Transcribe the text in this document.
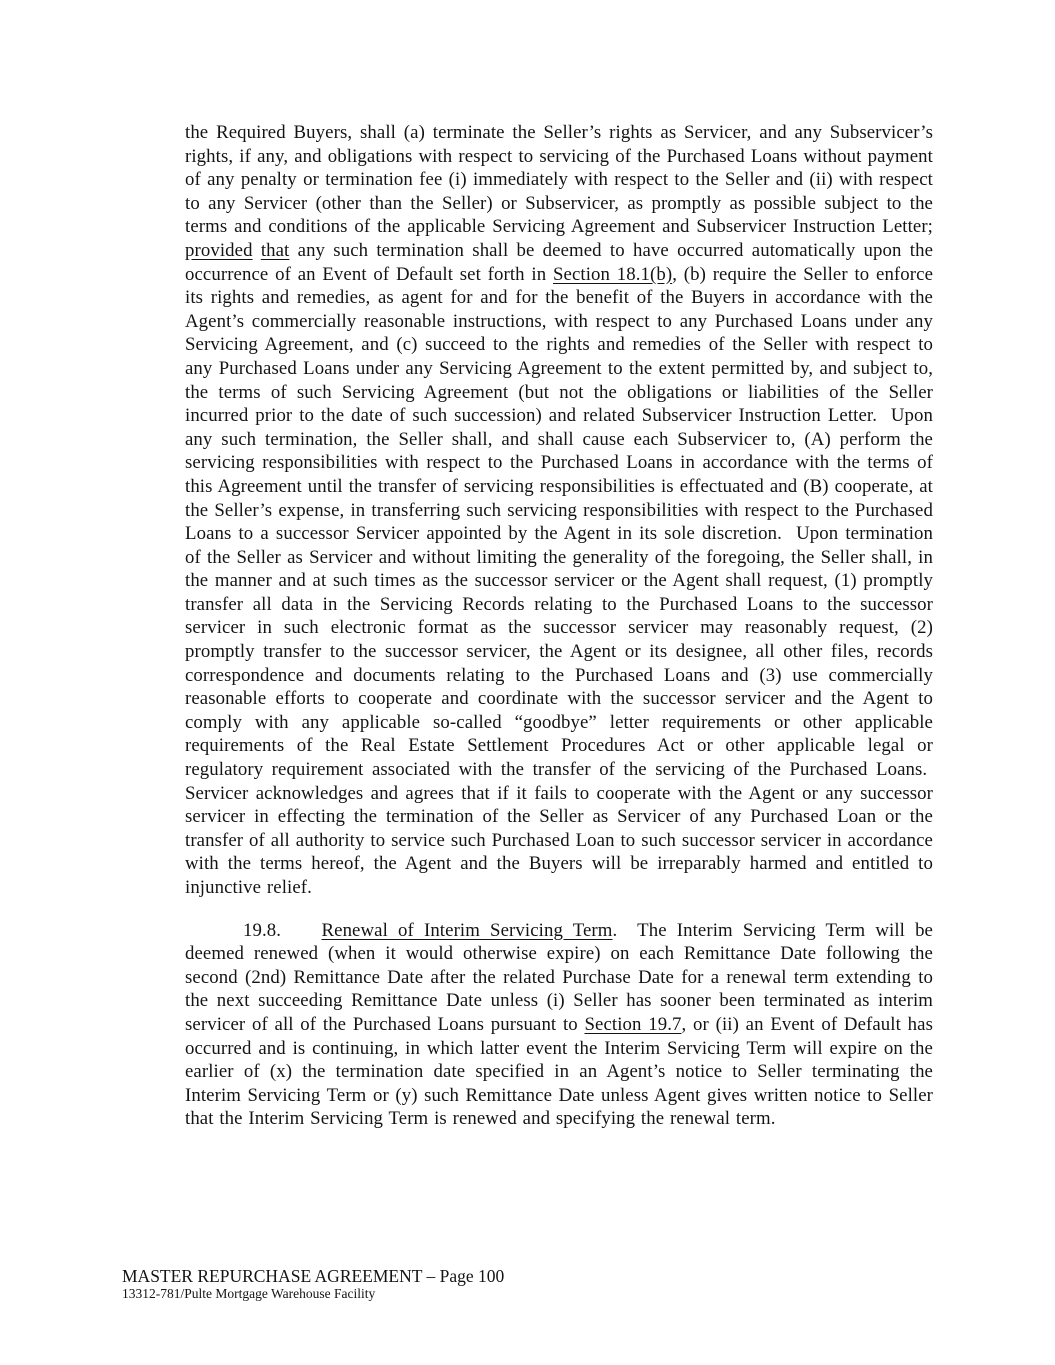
the Required Buyers, shall (a) terminate the Seller’s rights as Servicer, and any Subservicer’s rights, if any, and obligations with respect to servicing of the Purchased Loans without payment of any penalty or termination fee (i) immediately with respect to the Seller and (ii) with respect to any Servicer (other than the Seller) or Subservicer, as promptly as possible subject to the terms and conditions of the applicable Servicing Agreement and Subservicer Instruction Letter; provided that any such termination shall be deemed to have occurred automatically upon the occurrence of an Event of Default set forth in Section 18.1(b), (b) require the Seller to enforce its rights and remedies, as agent for and for the benefit of the Buyers in accordance with the Agent’s commercially reasonable instructions, with respect to any Purchased Loans under any Servicing Agreement, and (c) succeed to the rights and remedies of the Seller with respect to any Purchased Loans under any Servicing Agreement to the extent permitted by, and subject to, the terms of such Servicing Agreement (but not the obligations or liabilities of the Seller incurred prior to the date of such succession) and related Subservicer Instruction Letter.  Upon any such termination, the Seller shall, and shall cause each Subservicer to, (A) perform the servicing responsibilities with respect to the Purchased Loans in accordance with the terms of this Agreement until the transfer of servicing responsibilities is effectuated and (B) cooperate, at the Seller’s expense, in transferring such servicing responsibilities with respect to the Purchased Loans to a successor Servicer appointed by the Agent in its sole discretion.  Upon termination of the Seller as Servicer and without limiting the generality of the foregoing, the Seller shall, in the manner and at such times as the successor servicer or the Agent shall request, (1) promptly transfer all data in the Servicing Records relating to the Purchased Loans to the successor servicer in such electronic format as the successor servicer may reasonably request, (2) promptly transfer to the successor servicer, the Agent or its designee, all other files, records correspondence and documents relating to the Purchased Loans and (3) use commercially reasonable efforts to cooperate and coordinate with the successor servicer and the Agent to comply with any applicable so-called “goodbye” letter requirements or other applicable requirements of the Real Estate Settlement Procedures Act or other applicable legal or regulatory requirement associated with the transfer of the servicing of the Purchased Loans.  Servicer acknowledges and agrees that if it fails to cooperate with the Agent or any successor servicer in effecting the termination of the Seller as Servicer of any Purchased Loan or the transfer of all authority to service such Purchased Loan to such successor servicer in accordance with the terms hereof, the Agent and the Buyers will be irreparably harmed and entitled to injunctive relief.

19.8.    Renewal of Interim Servicing Term.  The Interim Servicing Term will be deemed renewed (when it would otherwise expire) on each Remittance Date following the second (2nd) Remittance Date after the related Purchase Date for a renewal term extending to the next succeeding Remittance Date unless (i) Seller has sooner been terminated as interim servicer of all of the Purchased Loans pursuant to Section 19.7, or (ii) an Event of Default has occurred and is continuing, in which latter event the Interim Servicing Term will expire on the earlier of (x) the termination date specified in an Agent’s notice to Seller terminating the Interim Servicing Term or (y) such Remittance Date unless Agent gives written notice to Seller that the Interim Servicing Term is renewed and specifying the renewal term.

MASTER REPURCHASE AGREEMENT – Page 100
13312-781/Pulte Mortgage Warehouse Facility
